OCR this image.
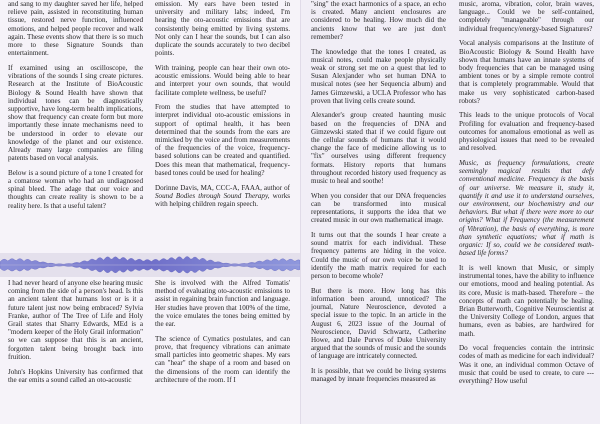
and sang to my daughter saved her life, helped relieve pain, assisted in reconstituting human tissue, restored nerve function, influenced emotions, and helped people recover and walk again. These events show that there is so much more to these Signature Sounds than entertainment.

If examined using an oscilloscope, the vibrations of the sounds I sing create pictures. Research at the Institute of BioAcoustic Biology & Sound Health have shown that individual tones can be diagnostically supportive, have long-term health implications, show that frequency can create form but more importantly these innate mechanisms need to be understood in order to elevate our knowledge of the planet and our existence. Already many large companies are filing patents based on vocal analysis.

Below is a sound picture of a tone I created for a comatose woman who had an undiagnosed spinal bleed. The adage that our voice and thoughts can create reality is shown to be a reality here. Is that a useful talent?

emission. My ears have been tested in university and military labs; indeed, I'm hearing the oto-acoustic emissions that are consistently being emitted by living systems. Not only can I hear the sounds, but I can also duplicate the sounds accurately to two decibel points.

With training, people can hear their own oto-acoustic emissions. Would being able to hear and interpret your own sounds, that would facilitate complete wellness, be useful?

From the studies that have attempted to interpret individual oto-acoustic emissions in support of optimal health, it has been determined that the sounds from the ears are mimicked by the voice and from measurements of the frequencies of the voice, frequency-based solutions can be created and quantified. Does this mean that mathematical, frequency-based tones could be used for healing?

Dorinne Davis, MA, CCC-A, FAAA, author of Sound Bodies through Sound Therapy, works with helping children regain speech.

I had never heard of anyone else hearing music coming from the side of a person's head. Is this an ancient talent that humans lost or is it a future talent just now being embraced? Sylvia Franke, author of The Tree of Life and Holy Grail states that Sharry Edwards, MEd is a "modern keeper of the Holy Grail information" so we can suppose that this is an ancient, forgotten talent being brought back into fruition.

John's Hopkins University has confirmed that the ear emits a sound called an oto-acoustic

She is involved with the Alfred Tomatis' method of evaluating oto-acoustic emissions to assist in regaining brain function and language. Her studies have proven that 100% of the time, the voice emulates the tones being emitted by the ear.

The science of Cymatics postulates, and can prove, that frequency vibrations can animate small particles into geometric shapes. My ears can "hear" the shape of a room and based on the dimensions of the room can identify the architecture of the room. If I

"sing" the exact harmonics of a space, an echo is created. Many ancient enclosures are considered to be healing. How much did the ancients know that we are just don't remember?

The knowledge that the tones I created, as musical notes, could make people physically weak or strong set me on a quest that led to Susan Alexjander who set human DNA to musical notes (see her Sequencia album) and James Gimzewski, a UCLA Professor who has proven that living cells create sound.

Alexander's group created haunting music based on the frequencies of DNA and Gimzewski stated that if we could figure out the cellular sounds of humans that it would change the face of medicine allowing us to "fix" ourselves using different frequency formats. History reports that humans throughout recorded history used frequency as music to heal and soothe!

When you consider that our DNA frequencies can be transformed into musical representations, it supports the idea that we created music in our own mathematical image.

It turns out that the sounds I hear create a sound matrix for each individual. These frequency patterns are hiding in the voice. Could the music of our own voice be used to identify the math matrix required for each person to become whole?

But there is more. How long has this information been around, unnoticed? The journal, Nature Neuroscience, devoted a special issue to the topic. In an article in the August 6, 2023 issue of the Journal of Neuroscience, David Schwartz, Catherine Howe, and Dale Purves of Duke University argued that the sounds of music and the sounds of language are intricately connected.

It is possible, that we could be living systems managed by innate frequencies measured as

music, aroma, vibration, color, brain waves, language... Could we be self-contained, completely "manageable" through our individual frequency/energy-based Signatures?

Vocal analysis comparisons at the Institute of BioAcoustic Biology & Sound Health have shown that humans have an innate systems of body frequencies that can be managed using ambient tones or by a simple remote control that is completely programmable. Would that make us very sophisticated carbon-based robots?

This leads to the unique protocols of Vocal Profiling for evaluation and frequency-based outcomes for anomalous emotional as well as physiological issues that need to be revealed and resolved.

Music, as frequency formulations, create seemingly magical results that defy conventional medicine. Frequency is the basis of our universe. We measure it, study it, quantify it and use it to understand ourselves, our environment, our biochemistry and our behaviors. But what if there were more to our origins? What if Frequency (the measurement of Vibration), the basis of everything, is more than synthetic equations; what if math is organic: If so, could we be considered math-based life forms?

It is well known that Music, or simply instrumental tones, have the ability to influence our emotions, mood and healing potential. As its core, Music is math-based. Therefore – the concepts of math can potentially be healing. Brian Butterworth, Cognitive Neuroscientist at the University College of London, argues that humans, even as babies, are hardwired for math.

Do vocal frequencies contain the intrinsic codes of math as medicine for each individual? Was it one, an individual common Octave of music that could be used to create, to cure --- everything? How useful
